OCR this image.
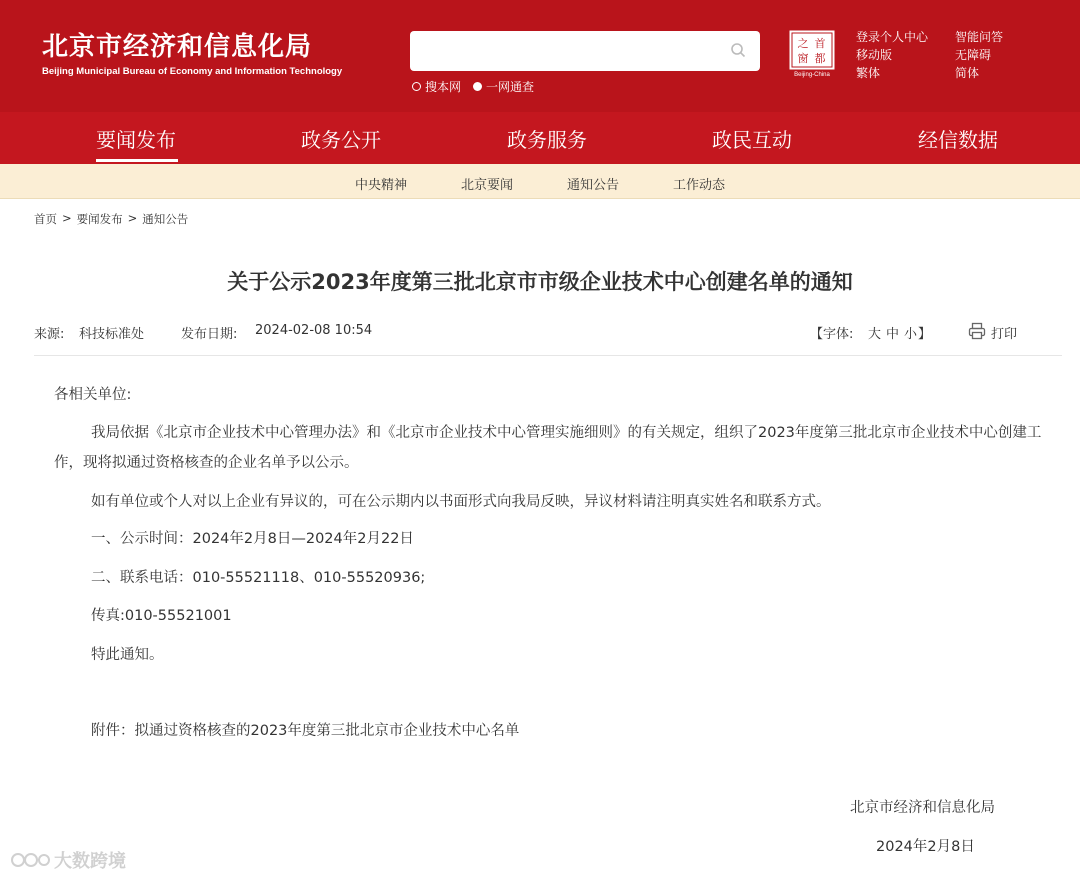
北京市经济和信息化局
Beijing Municipal Bureau of Economy and Information Technology
搜本网 一网通查
首
都
之
窗
Beijing-China
登录个人中心
移动版
繁体
智能问答
无障碍
简体
要闻发布	政务公开	政务服务	政民互动	经信数据
中央精神	北京要闻	通知公告	工作动态
首页 > 要闻发布 > 通知公告
关于公示2023年度第三批北京市市级企业技术中心创建名单的通知
来源: 科技标准处	发布日期: 2024-02-08 10:54	【字体: 大 中 小 】	打印
各相关单位:

我局依据《北京市企业技术中心管理办法》和《北京市企业技术中心管理实施细则》的有关规定，组织了2023年度第三批北京市企业技术中心创建工作，现将拟通过资格核查的企业名单予以公示。

如有单位或个人对以上企业有异议的，可在公示期内以书面形式向我局反映，异议材料请注明真实姓名和联系方式。

一、公示时间：2024年2月8日—2024年2月22日
二、联系电话：010-55521118、010-55520936;
传真:010-55521001
特此通知。
附件：拟通过资格核查的2023年度第三批北京市企业技术中心名单
北京市经济和信息化局
2024年2月8日
大数跨境
